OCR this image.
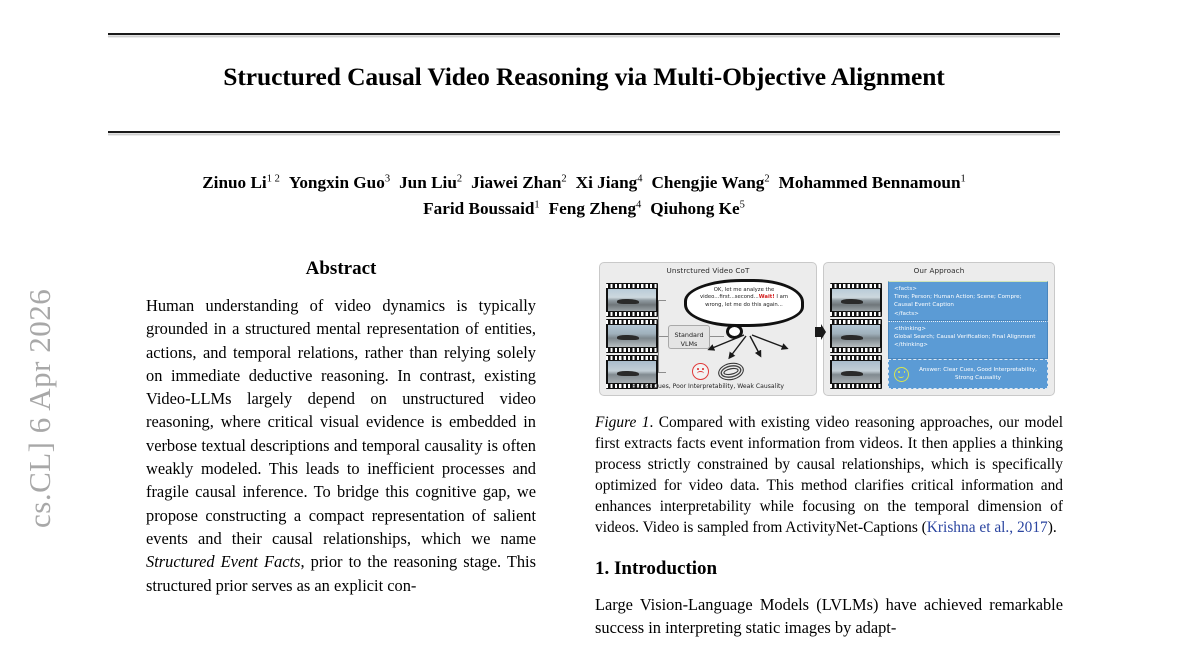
cs.CL] 6 Apr 2026
Structured Causal Video Reasoning via Multi-Objective Alignment
Zinuo $Li^{1 2}$ Yongxin Guo$^3$ Jun Liu$^2$ Jiawei Zhan$^2$ Xi Jiang$^4$ Chengjie Wang$^2$ Mohammed Bennamoun$^1$
Farid Boussaid$^1$ Feng Zheng$^4$ Qiuhong Ke$^5$
Abstract

Human understanding of video dynamics is typically grounded in a structured mental representation of entities, actions, and temporal relations, rather than relying solely on immediate deductive reasoning. In contrast, existing Video-LLMs largely depend on unstructured video reasoning, where critical visual evidence is embedded in verbose textual descriptions and temporal causality is often weakly modeled. This leads to inefficient processes and fragile causal inference. To bridge this cognitive gap, we propose constructing a compact representation of salient events and their causal relationships, which we name Structured Event Facts, prior to the reasoning stage. This structured prior serves as an explicit con-

Unstrctured Video CoT
Standard VLMs
OK, let me analyze the video...first...second...Wait! I am wrong, let me do this again...
Buried Cues, Poor Interpretability, Weak Causality
Our Approach
<facts>
Time; Person; Human Action; Scene; Compre; Causal Event Caption
</facts>
<thinking>
Global Search; Causal Verification; Final Alignment
</thinking>
Answer: Clear Cues, Good Interpretability, Strong Causality
Figure 1. Compared with existing video reasoning approaches, our model first extracts facts event information from videos. It then applies a thinking process strictly constrained by causal relationships, which is specifically optimized for video data. This method clarifies critical information and enhances interpretability while focusing on the temporal dimension of videos. Video is sampled from ActivityNet-Captions (Krishna et al., 2017).
1. Introduction
Large Vision-Language Models (LVLMs) have achieved remarkable success in interpreting static images by adapt-
